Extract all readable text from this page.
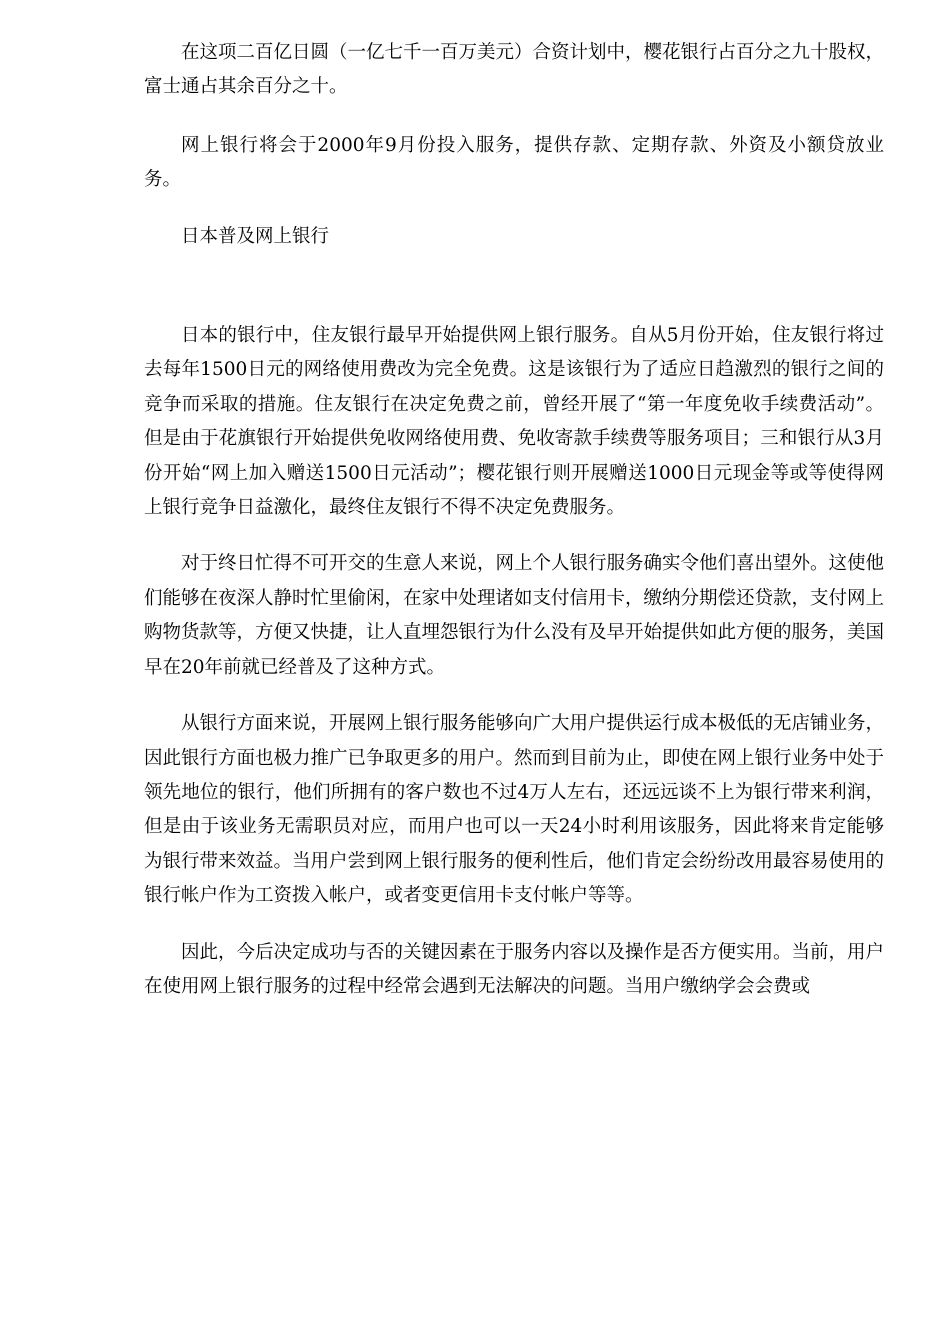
在这项二百亿日圆（一亿七千一百万美元）合资计划中，樱花银行占百分之九十股权，富士通占其余百分之十。

网上银行将会于2000年9月份投入服务，提供存款、定期存款、外资及小额贷放业务。

日本普及网上银行

日本的银行中，住友银行最早开始提供网上银行服务。自从5月份开始，住友银行将过去每年1500日元的网络使用费改为完全免费。这是该银行为了适应日趋激烈的银行之间的竞争而采取的措施。住友银行在决定免费之前，曾经开展了“第一年度免收手续费活动”。但是由于花旗银行开始提供免收网络使用费、免收寄款手续费等服务项目；三和银行从3月份开始“网上加入赠送1500日元活动”；樱花银行则开展赠送1000日元现金等或等使得网上银行竞争日益激化，最终住友银行不得不决定免费服务。

对于终日忙得不可开交的生意人来说，网上个人银行服务确实令他们喜出望外。这使他们能够在夜深人静时忙里偷闲，在家中处理诸如支付信用卡，缴纳分期偿还贷款，支付网上购物货款等，方便又快捷，让人直埋怨银行为什么没有及早开始提供如此方便的服务，美国早在20年前就已经普及了这种方式。

从银行方面来说，开展网上银行服务能够向广大用户提供运行成本极低的无店铺业务，因此银行方面也极力推广已争取更多的用户。然而到目前为止，即使在网上银行业务中处于领先地位的银行，他们所拥有的客户数也不过4万人左右，还远远谈不上为银行带来利润，但是由于该业务无需职员对应，而用户也可以一天24小时利用该服务，因此将来肯定能够为银行带来效益。当用户尝到网上银行服务的便利性后，他们肯定会纷纷改用最容易使用的银行帐户作为工资拨入帐户，或者变更信用卡支付帐户等等。

因此，今后决定成功与否的关键因素在于服务内容以及操作是否方便实用。当前，用户在使用网上银行服务的过程中经常会遇到无法解决的问题。当用户缴纳学会会费或
